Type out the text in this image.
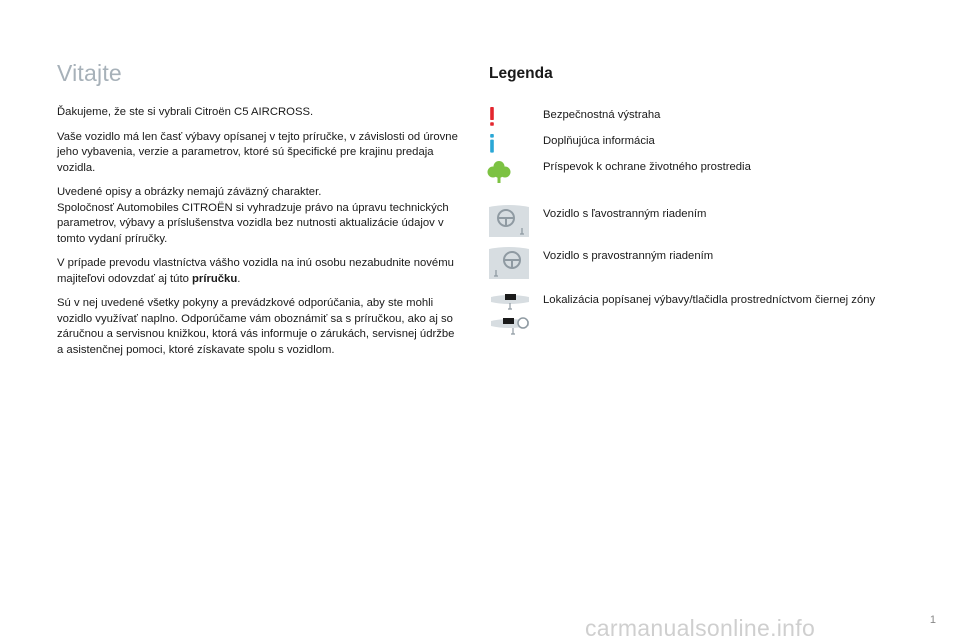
Vitajte

Ďakujeme, že ste si vybrali Citroën C5 AIRCROSS.

Vaše vozidlo má len časť výbavy opísanej v tejto príručke, v závislosti od úrovne jeho vybavenia, verzie a parametrov, ktoré sú špecifické pre krajinu predaja vozidla.

Uvedené opisy a obrázky nemajú záväzný charakter.
Spoločnosť Automobiles CITROËN si vyhradzuje právo na úpravu technických parametrov, výbavy a príslušenstva vozidla bez nutnosti aktualizácie údajov v tomto vydaní príručky.

V prípade prevodu vlastníctva vášho vozidla na inú osobu nezabudnite novému majiteľovi odovzdať aj túto príručku.

Sú v nej uvedené všetky pokyny a prevádzkové odporúčania, aby ste mohli vozidlo využívať naplno. Odporúčame vám oboznámiť sa s príručkou, ako aj so záručnou a servisnou knižkou, ktorá vás informuje o zárukách, servisnej údržbe a asistenčnej pomoci, ktoré získavate spolu s vozidlom.

Legenda
Bezpečnostná výstraha
Doplňujúca informácia
Príspevok k ochrane životného prostredia
Vozidlo s ľavostranným riadením
Vozidlo s pravostranným riadením
Lokalizácia popísanej výbavy/tlačidla prostredníctvom čiernej zóny
1
carmanualsonline.info
